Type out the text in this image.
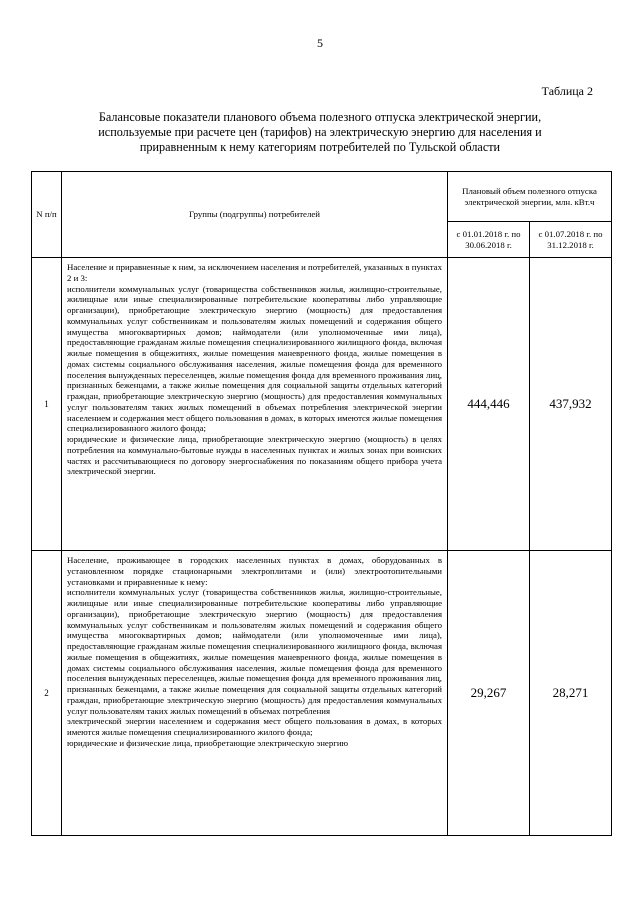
5
Таблица 2
Балансовые показатели планового объема полезного отпуска электрической энергии, используемые при расчете цен (тарифов) на электрическую энергию для населения и приравненным к нему категориям потребителей по Тульской области
N п/п	Группы (подгруппы) потребителей	Плановый объем полезного отпуска электрической энергии, млн. кВт.ч	
		с 01.01.2018 г. по 30.06.2018 г.	с 01.07.2018 г. по 31.12.2018 г.
1	Население и приравненные к ним, за исключением населения и потребителей, указанных в пунктах 2 и 3:

исполнители коммунальных услуг (товарищества собственников жилья, жилищно-строительные, жилищные или иные специализированные потребительские кооперативы либо управляющие организации), приобретающие электрическую энергию (мощность) для предоставления коммунальных услуг собственникам и пользователям жилых помещений и содержания общего имущества многоквартирных домов; наймодатели (или уполномоченные ими лица), предоставляющие гражданам жилые помещения специализированного жилищного фонда, включая жилые помещения в общежитиях, жилые помещения маневренного фонда, жилые помещения в домах системы социального обслуживания населения, жилые помещения фонда для временного поселения вынужденных переселенцев, жилые помещения фонда для временного проживания лиц, признанных беженцами, а также жилые помещения для социальной защиты отдельных категорий граждан, приобретающие электрическую энергию (мощность) для предоставления коммунальных услуг пользователям таких жилых помещений в объемах потребления электрической энергии населением и содержания мест общего пользования в домах, в которых имеются жилые помещения специализированного жилого фонда;

юридические и физические лица, приобретающие электрическую энергию (мощность) в целях потребления на коммунально-бытовые нужды в населенных пунктах и жилых зонах при воинских частях и рассчитывающиеся по договору энергоснабжения по показаниям общего прибора учета электрической энергии.	444,446	437,932
2	Население, проживающее в городских населенных пунктах в домах, оборудованных в установленном порядке стационарными электроплитами и (или) электроотопительными установками и приравненные к нему:

исполнители коммунальных услуг (товарищества собственников жилья, жилищно-строительные, жилищные или иные специализированные потребительские кооперативы либо управляющие организации), приобретающие электрическую энергию (мощность) для предоставления коммунальных услуг собственникам и пользователям жилых помещений и содержания общего имущества многоквартирных домов; наймодатели (или уполномоченные ими лица), предоставляющие гражданам жилые помещения специализированного жилищного фонда, включая жилые помещения в общежитиях, жилые помещения маневренного фонда, жилые помещения в домах системы социального обслуживания населения, жилые помещения фонда для временного поселения вынужденных переселенцев, жилые помещения фонда для временного проживания лиц, признанных беженцами, а также жилые помещения для социальной защиты отдельных категорий граждан, приобретающие электрическую энергию (мощность) для предоставления коммунальных услуг пользователям таких жилых помещений в объемах потребления

электрической энергии населением и содержания мест общего пользования в домах, в которых имеются жилые помещения специализированного жилого фонда;

юридические и физические лица, приобретающие электрическую энергию	29,267	28,271
